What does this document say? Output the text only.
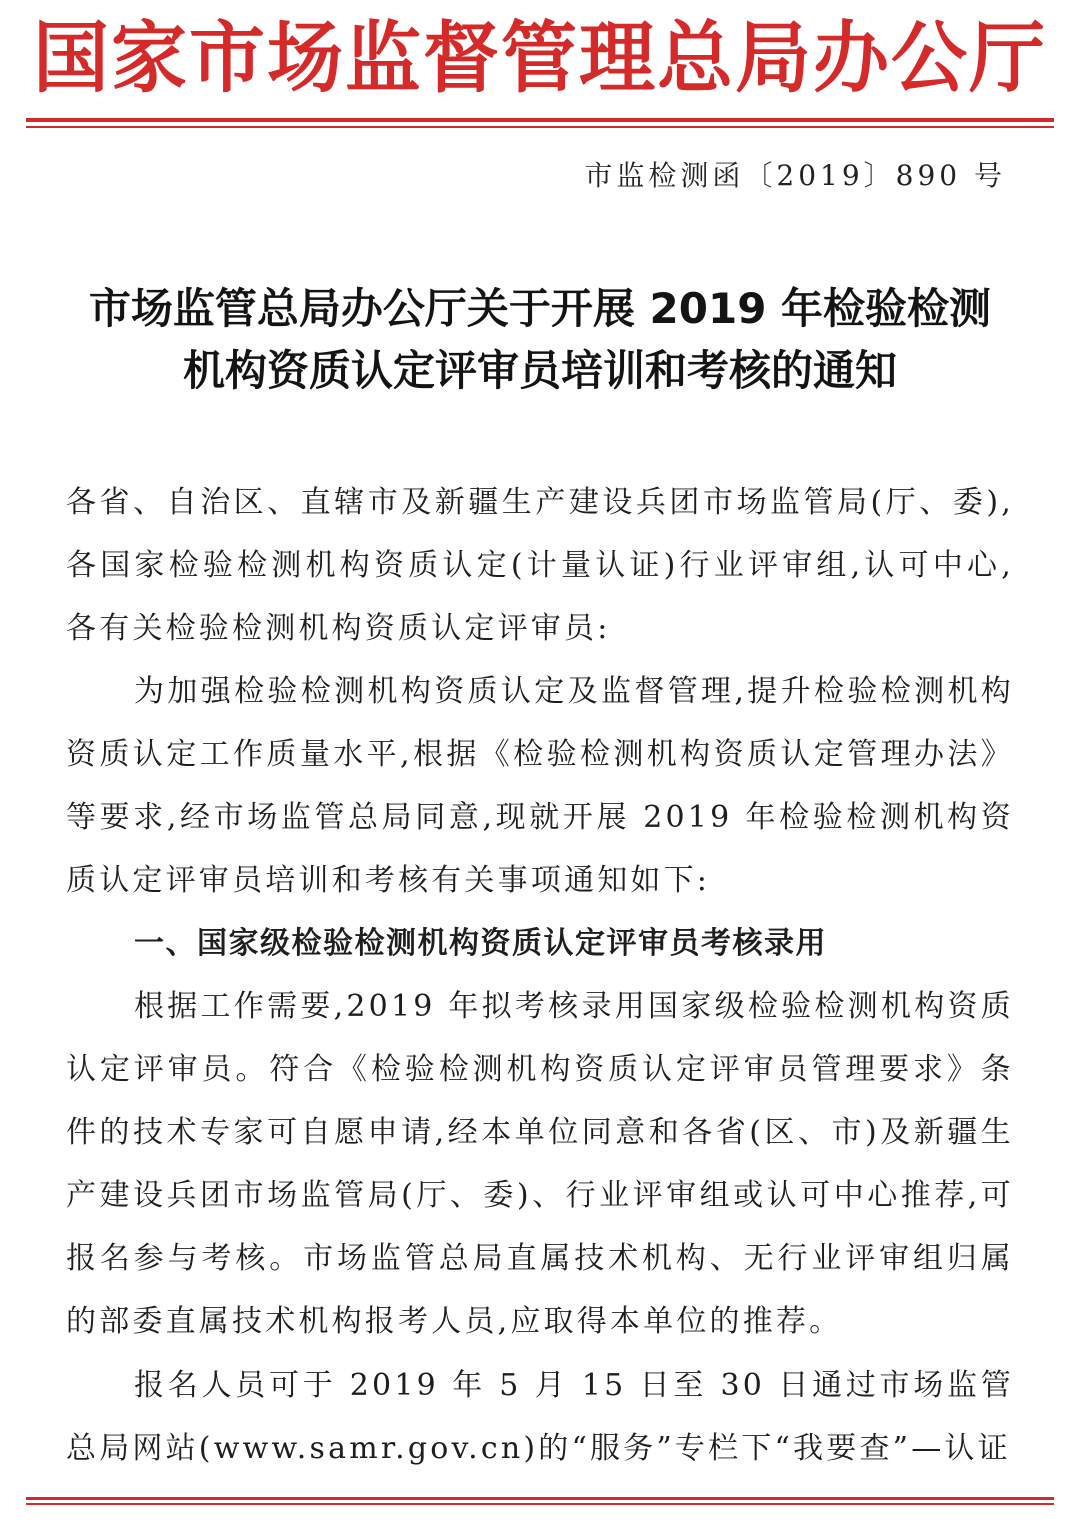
国家市场监督管理总局办公厅
市监检测函〔2019〕890 号
市场监管总局办公厅关于开展 2019 年检验检测
机构资质认定评审员培训和考核的通知
各省、自治区、直辖市及新疆生产建设兵团市场监管局(厅、委),各国家检验检测机构资质认定(计量认证)行业评审组,认可中心,各有关检验检测机构资质认定评审员:
为加强检验检测机构资质认定及监督管理,提升检验检测机构资质认定工作质量水平,根据《检验检测机构资质认定管理办法》等要求,经市场监管总局同意,现就开展 2019 年检验检测机构资质认定评审员培训和考核有关事项通知如下:
一、国家级检验检测机构资质认定评审员考核录用
根据工作需要,2019 年拟考核录用国家级检验检测机构资质认定评审员。符合《检验检测机构资质认定评审员管理要求》条件的技术专家可自愿申请,经本单位同意和各省(区、市)及新疆生产建设兵团市场监管局(厅、委)、行业评审组或认可中心推荐,可报名参与考核。市场监管总局直属技术机构、无行业评审组归属的部委直属技术机构报考人员,应取得本单位的推荐。
报名人员可于 2019 年 5 月 15 日至 30 日通过市场监管总局网站(www.samr.gov.cn)的“服务”专栏下“我要查”—认证
